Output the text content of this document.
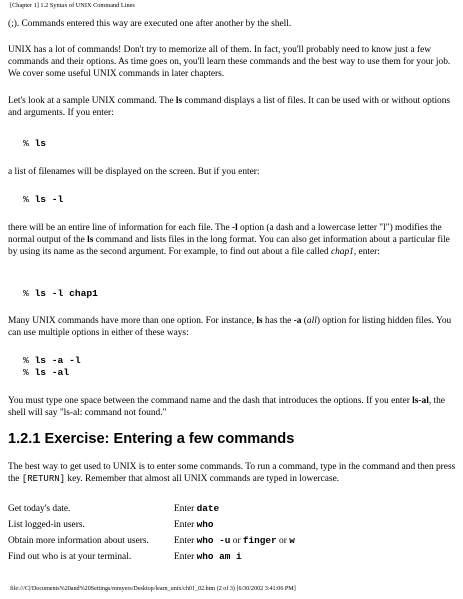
[Chapter 1] 1.2 Syntax of UNIX Command Lines

(;). Commands entered this way are executed one after another by the shell.

UNIX has a lot of commands! Don't try to memorize all of them. In fact, you'll probably need to know just a few commands and their options. As time goes on, you'll learn these commands and the best way to use them for your job. We cover some useful UNIX commands in later chapters.

Let's look at a sample UNIX command. The ls command displays a list of files. It can be used with or without options and arguments. If you enter:

% ls

a list of filenames will be displayed on the screen. But if you enter:

% ls -l

there will be an entire line of information for each file. The -l option (a dash and a lowercase letter "l") modifies the normal output of the ls command and lists files in the long format. You can also get information about a particular file by using its name as the second argument. For example, to find out about a file called chap1, enter:

% ls -l chap1

Many UNIX commands have more than one option. For instance, ls has the -a (all) option for listing hidden files. You can use multiple options in either of these ways:

% ls -a -l
% ls -al

You must type one space between the command name and the dash that introduces the options. If you enter ls-al, the shell will say "ls-al: command not found."

1.2.1 Exercise: Entering a few commands

The best way to get used to UNIX is to enter some commands. To run a command, type in the command and then press the [RETURN] key. Remember that almost all UNIX commands are typed in lowercase.

Get today's date.	Enter date
List logged-in users.	Enter who
Obtain more information about users.	Enter who -u or finger or w
Find out who is at your terminal.	Enter who am i
file:///C|/Documents%20and%20Settings/mmyers/Desktop/learn_unix/ch01_02.htm (2 of 3) [6/30/2002 3:41:06 PM]
